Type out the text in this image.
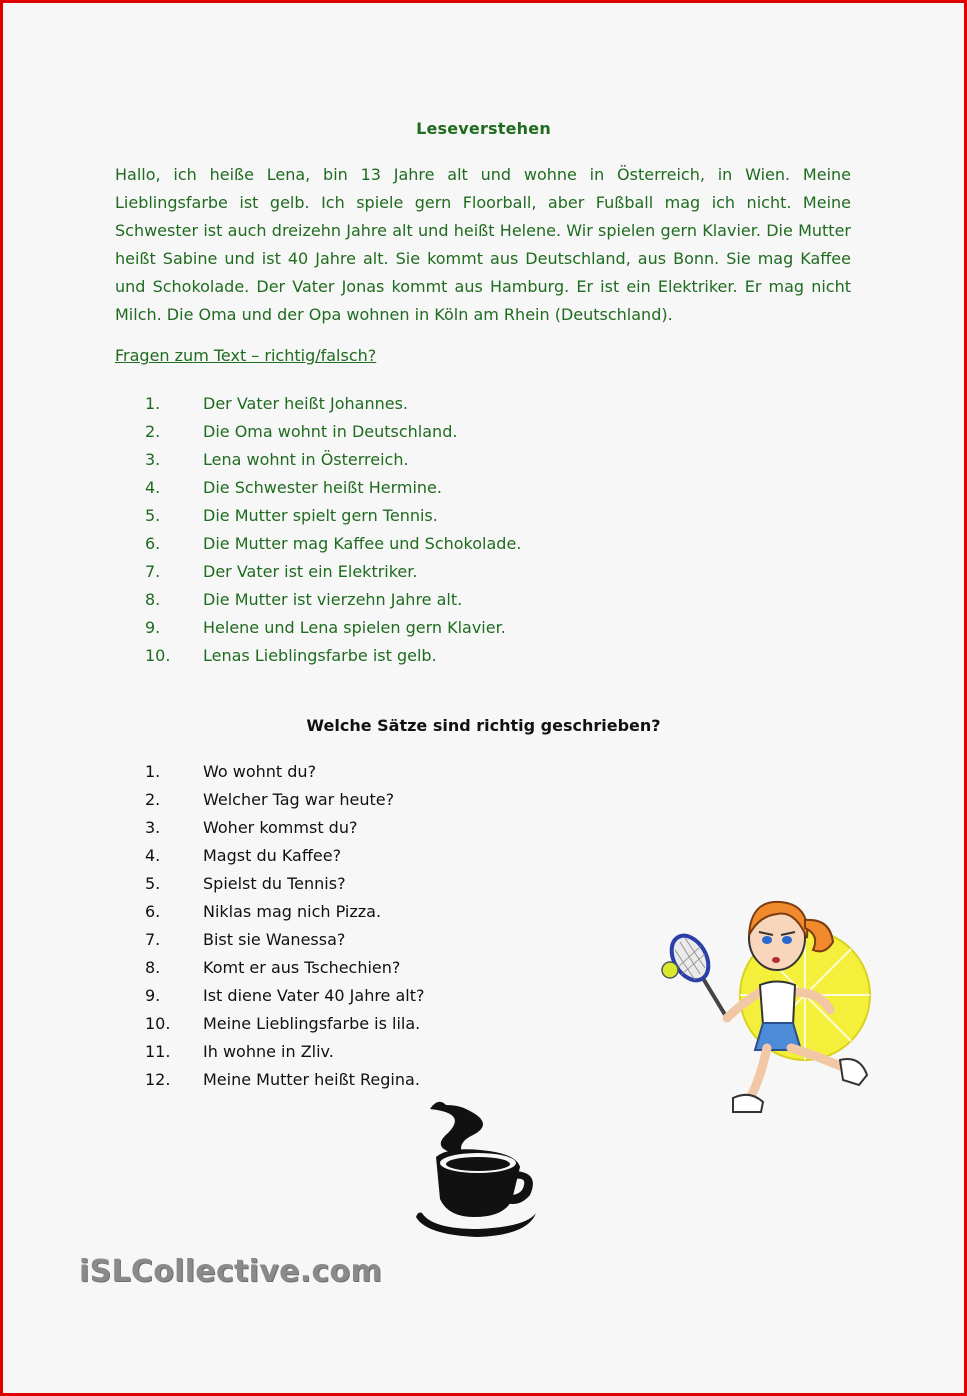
Leseverstehen

Hallo, ich heiße Lena, bin 13 Jahre alt und wohne in Österreich, in Wien. Meine Lieblingsfarbe ist gelb. Ich spiele gern Floorball, aber Fußball mag ich nicht. Meine Schwester ist auch dreizehn Jahre alt und heißt Helene. Wir spielen gern Klavier. Die Mutter heißt Sabine und ist 40 Jahre alt. Sie kommt aus Deutschland, aus Bonn. Sie mag Kaffee und Schokolade. Der Vater Jonas kommt aus Hamburg. Er ist ein Elektriker. Er mag nicht Milch. Die Oma und der Opa wohnen in Köln am Rhein (Deutschland).

Fragen zum Text – richtig/falsch?
1.	Der Vater heißt Johannes.
2.	Die Oma wohnt in Deutschland.
3.	Lena wohnt in Österreich.
4.	Die Schwester heißt Hermine.
5.	Die Mutter spielt gern Tennis.
6.	Die Mutter mag Kaffee und Schokolade.
7.	Der Vater ist ein Elektriker.
8.	Die Mutter ist vierzehn Jahre alt.
9.	Helene und Lena spielen gern Klavier.
10. Lenas Lieblingsfarbe ist gelb.
Welche Sätze sind richtig geschrieben?
1.	Wo wohnt du?
2.	Welcher Tag war heute?
3.	Woher kommst du?
4.	Magst du Kaffee?
5.	Spielst du Tennis?
6.	Niklas mag nich Pizza.
7.	Bist sie Wanessa?
8.	Komt er aus Tschechien?
9.	Ist diene Vater 40 Jahre alt?
10. Meine Lieblingsfarbe is lila.
11. Ih wohne in Zliv.
12. Meine Mutter heißt Regina.
iSLCollective.com
